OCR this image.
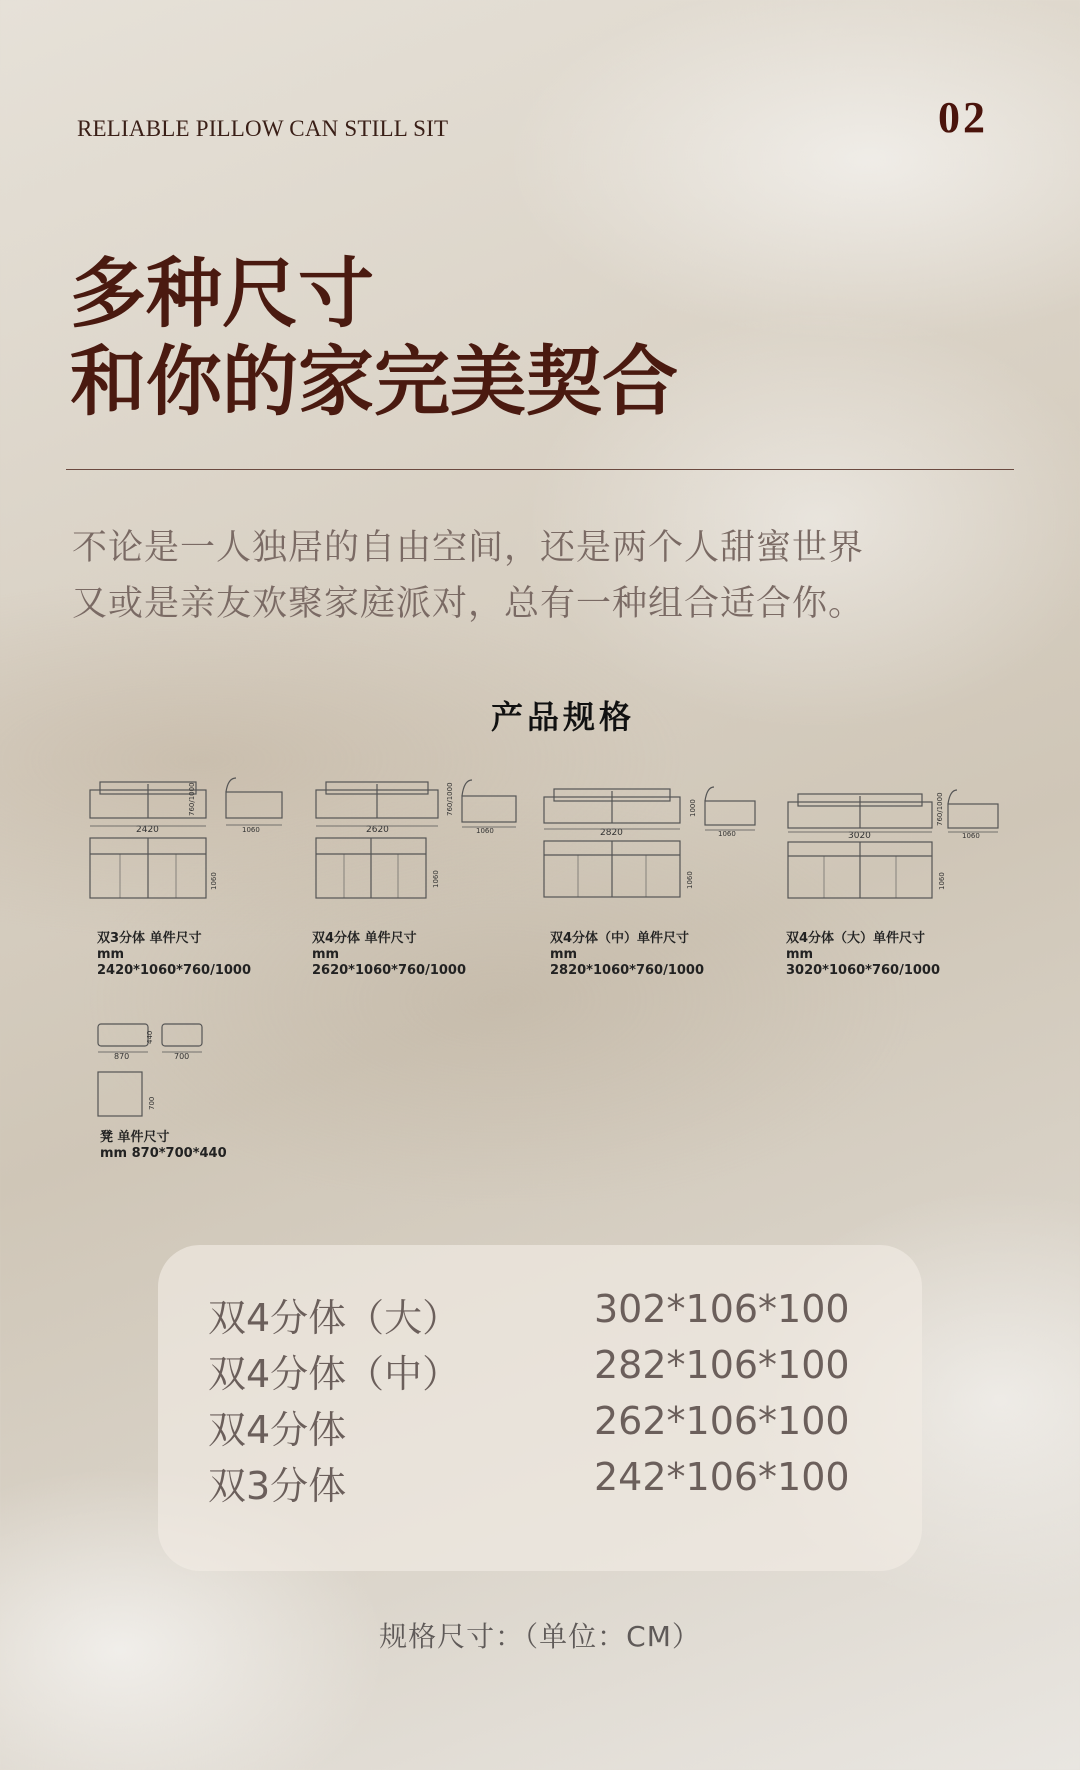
RELIABLE PILLOW CAN STILL SIT	02
多种尺寸
和你的家完美契合
不论是一人独居的自由空间，还是两个人甜蜜世界
又或是亲友欢聚家庭派对，总有一种组合适合你。
产品规格
2420
760/1000
1060
1060
双3分体 单件尺寸
mm
2420*1060*760/1000
2620
760/1000
1060
1060
双4分体 单件尺寸
mm
2620*1060*760/1000
2820
1000
1060
1060
双4分体（中）单件尺寸
mm
2820*1060*760/1000
3020
760/1000
1060
1060
双4分体（大）单件尺寸
mm
3020*1060*760/1000
870
440
700
700
凳 单件尺寸
mm 870*700*440
双4分体（大）	302*106*100
双4分体（中）	282*106*100
双4分体	262*106*100
双3分体	242*106*100
规格尺寸：（单位：CM）
